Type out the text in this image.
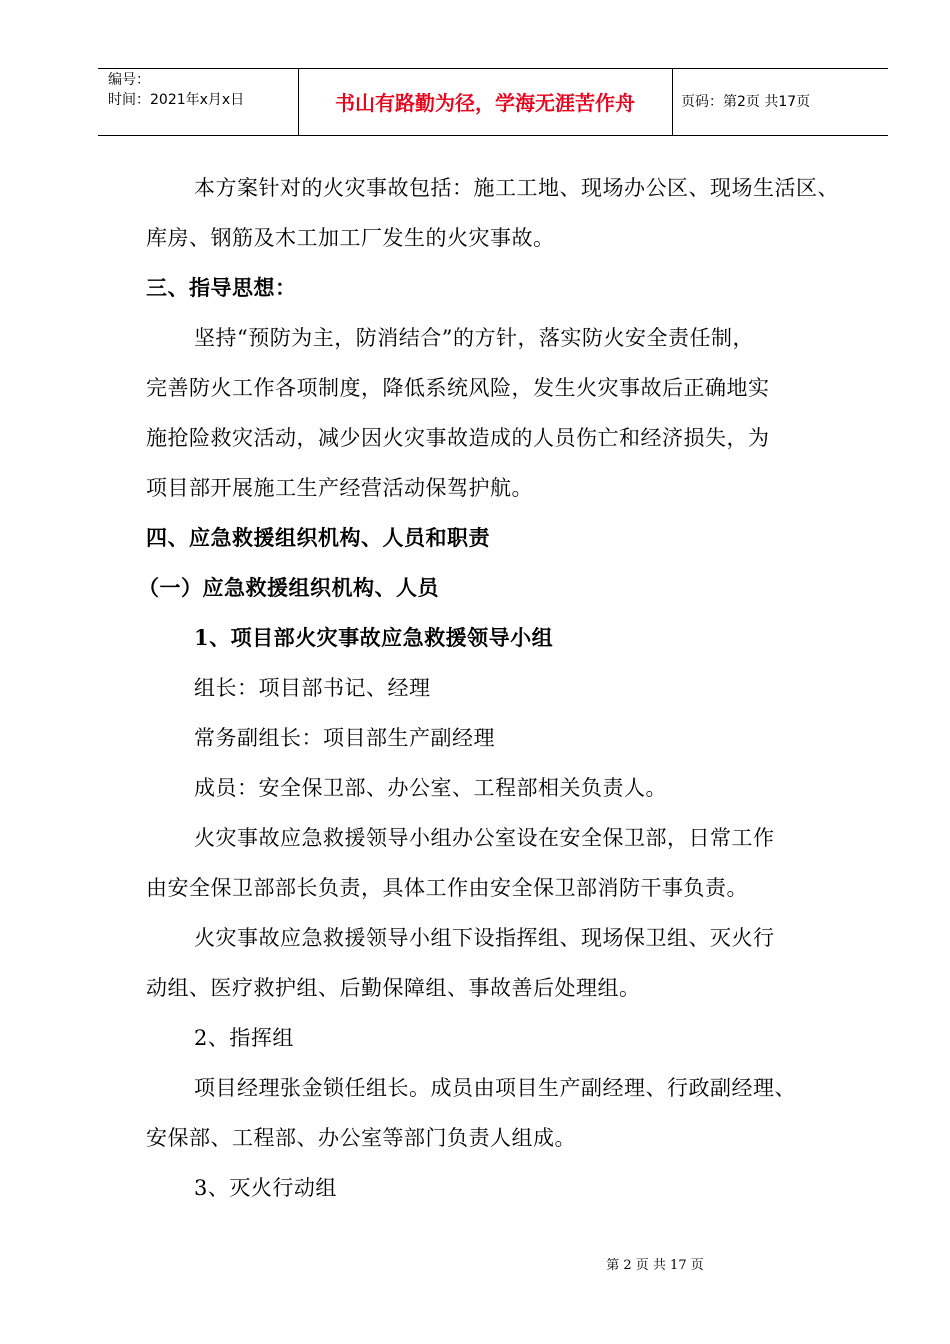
编号：
时间：2021年x月x日	书山有路勤为径，学海无涯苦作舟	页码：第2页 共17页
本方案针对的火灾事故包括：施工工地、现场办公区、现场生活区、
库房、钢筋及木工加工厂发生的火灾事故。
三、指导思想：
坚持“预防为主，防消结合”的方针，落实防火安全责任制，
完善防火工作各项制度，降低系统风险，发生火灾事故后正确地实
施抢险救灾活动，减少因火灾事故造成的人员伤亡和经济损失，为
项目部开展施工生产经营活动保驾护航。
四、应急救援组织机构、人员和职责
（一）应急救援组织机构、人员
1、项目部火灾事故应急救援领导小组
组长：项目部书记、经理
常务副组长：项目部生产副经理
成员：安全保卫部、办公室、工程部相关负责人。
火灾事故应急救援领导小组办公室设在安全保卫部，日常工作
由安全保卫部部长负责，具体工作由安全保卫部消防干事负责。
火灾事故应急救援领导小组下设指挥组、现场保卫组、灭火行
动组、医疗救护组、后勤保障组、事故善后处理组。
2、指挥组
项目经理张金锁任组长。成员由项目生产副经理、行政副经理、
安保部、工程部、办公室等部门负责人组成。
3、灭火行动组
第 2 页 共 17 页
